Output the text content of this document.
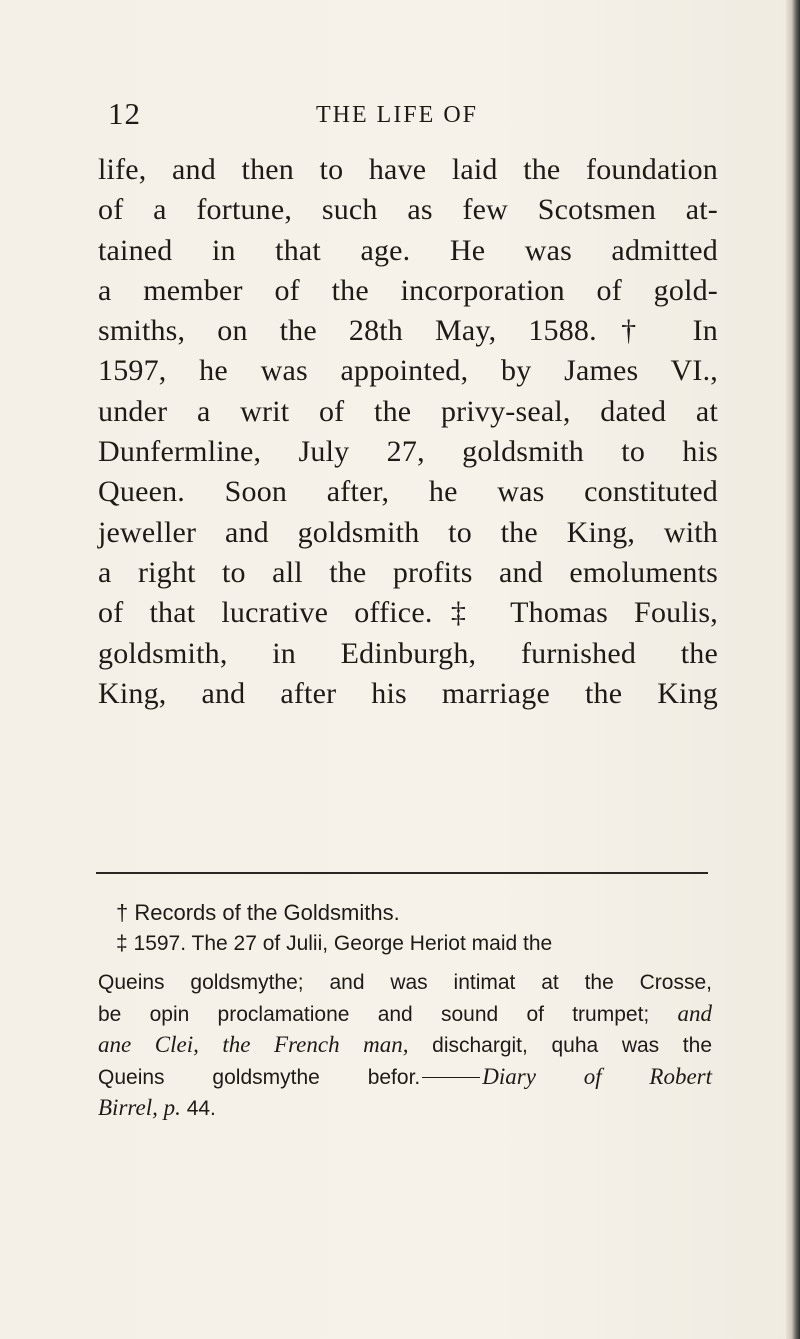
12	THE LIFE OF
life, and then to have laid the foundation
of a fortune, such as few Scotsmen at-
tained in that age. He was admitted
a member of the incorporation of gold-
smiths, on the 28th May, 1588.† In
1597, he was appointed, by James VI.,
under a writ of the privy-seal, dated at
Dunfermline, July 27, goldsmith to his
Queen. Soon after, he was constituted
jeweller and goldsmith to the King, with
a right to all the profits and emoluments
of that lucrative office.‡ Thomas Foulis,
goldsmith, in Edinburgh, furnished the
King, and after his marriage the King
† Records of the Goldsmiths.
‡ 1597. The 27 of Julii, George Heriot maid the
Queins goldsmythe; and was intimat at the Crosse,
be opin proclamatione and sound of trumpet; and
ane Clei, the French man, dischargit, quha was the
Queins goldsmythe befor.	Diary of Robert
Birrel, p. 44.
